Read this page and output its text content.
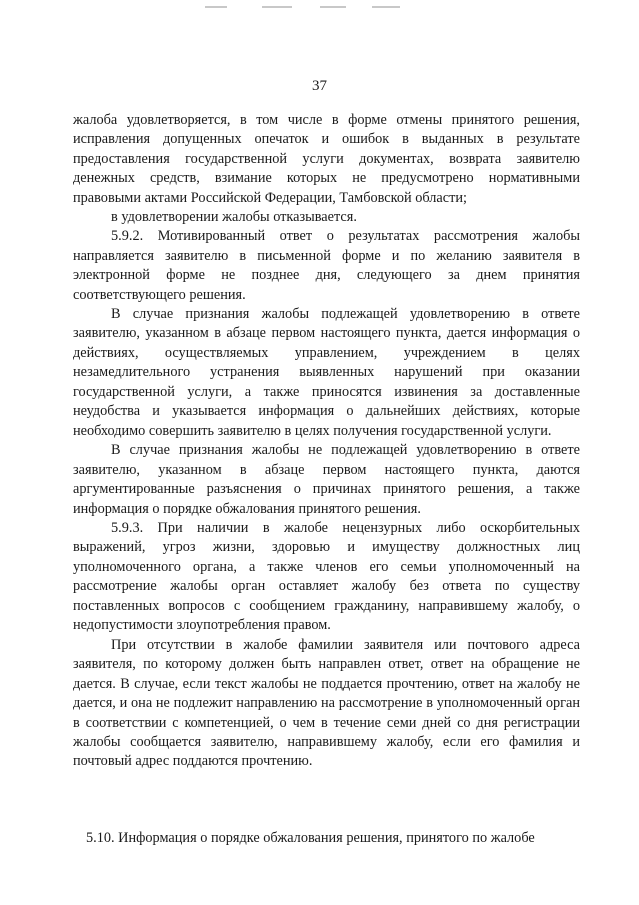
37

жалоба удовлетворяется, в том числе в форме отмены принятого решения, исправления допущенных опечаток и ошибок в выданных в результате предоставления государственной услуги документах, возврата заявителю денежных средств, взимание которых не предусмотрено нормативными правовыми актами Российской Федерации, Тамбовской области;

в удовлетворении жалобы отказывается.

5.9.2. Мотивированный ответ о результатах рассмотрения жалобы направляется заявителю в письменной форме и по желанию заявителя в электронной форме не позднее дня, следующего за днем принятия соответствующего решения.

В случае признания жалобы подлежащей удовлетворению в ответе заявителю, указанном в абзаце первом настоящего пункта, дается информация о действиях, осуществляемых управлением, учреждением в целях незамедлительного устранения выявленных нарушений при оказании государственной услуги, а также приносятся извинения за доставленные неудобства и указывается информация о дальнейших действиях, которые необходимо совершить заявителю в целях получения государственной услуги.

В случае признания жалобы не подлежащей удовлетворению в ответе заявителю, указанном в абзаце первом настоящего пункта, даются аргументированные разъяснения о причинах принятого решения, а также информация о порядке обжалования принятого решения.

5.9.3. При наличии в жалобе нецензурных либо оскорбительных выражений, угроз жизни, здоровью и имуществу должностных лиц уполномоченного органа, а также членов его семьи уполномоченный на рассмотрение жалобы орган оставляет жалобу без ответа по существу поставленных вопросов с сообщением гражданину, направившему жалобу, о недопустимости злоупотребления правом.

При отсутствии в жалобе фамилии заявителя или почтового адреса заявителя, по которому должен быть направлен ответ, ответ на обращение не дается. В случае, если текст жалобы не поддается прочтению, ответ на жалобу не дается, и она не подлежит направлению на рассмотрение в уполномоченный орган в соответствии с компетенцией, о чем в течение семи дней со дня регистрации жалобы сообщается заявителю, направившему жалобу, если его фамилия и почтовый адрес поддаются прочтению.

5.10. Информация о порядке обжалования решения, принятого по жалобе
